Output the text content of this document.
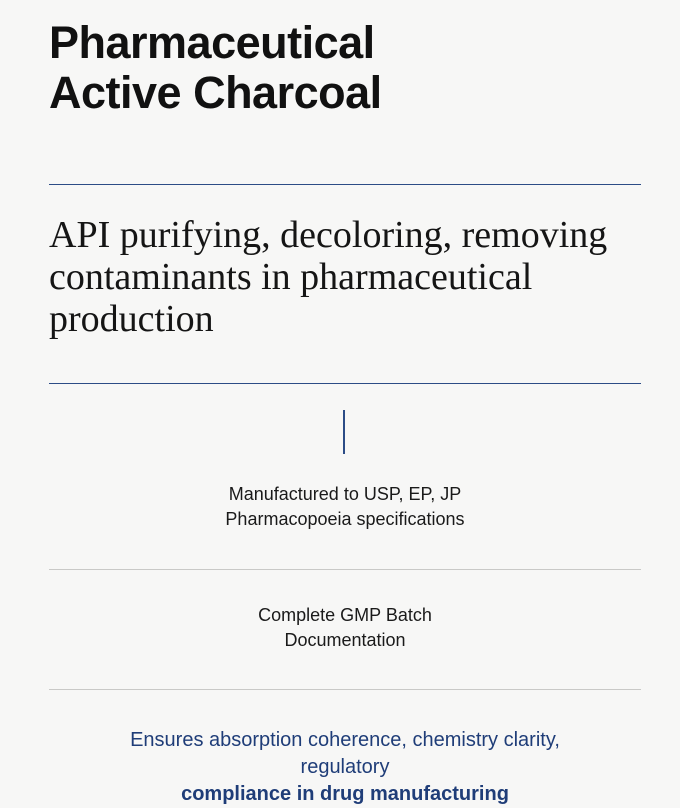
Pharmaceutical
Active Charcoal

API purifying, decoloring, removing
contaminants in pharmaceutical
production

Manufactured to USP, EP, JP
Pharmacopoeia specifications

Complete GMP Batch
Documentation

Ensures absorption coherence, chemistry clarity,
regulatory
compliance in drug manufacturing
